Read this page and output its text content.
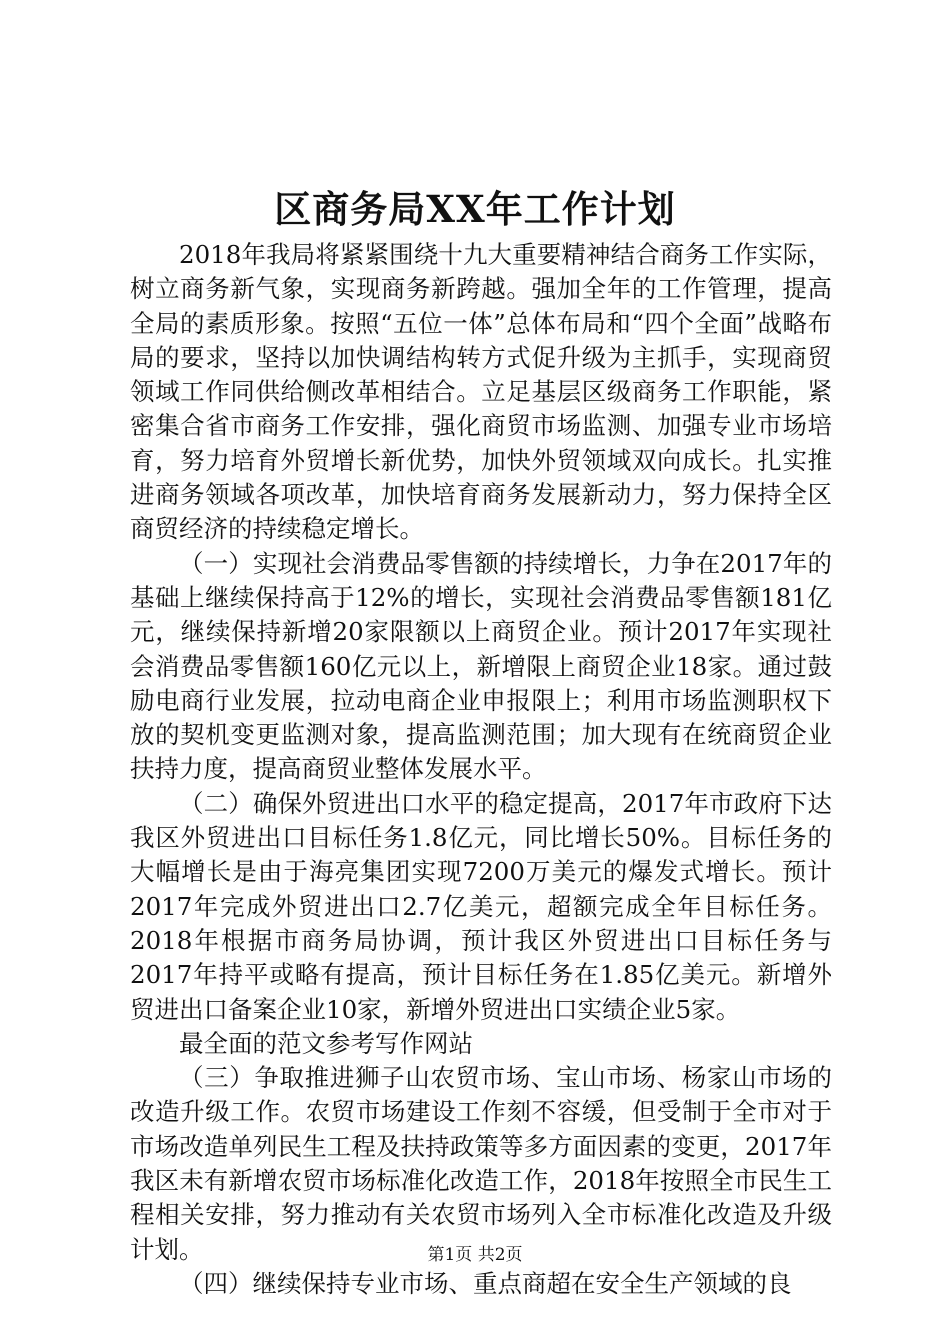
区商务局XX年工作计划

2018年我局将紧紧围绕十九大重要精神结合商务工作实际，树立商务新气象，实现商务新跨越。强加全年的工作管理，提高全局的素质形象。按照“五位一体”总体布局和“四个全面”战略布局的要求，坚持以加快调结构转方式促升级为主抓手，实现商贸领域工作同供给侧改革相结合。立足基层区级商务工作职能，紧密集合省市商务工作安排，强化商贸市场监测、加强专业市场培育，努力培育外贸增长新优势，加快外贸领域双向成长。扎实推进商务领域各项改革，加快培育商务发展新动力，努力保持全区商贸经济的持续稳定增长。

（一）实现社会消费品零售额的持续增长，力争在2017年的基础上继续保持高于12%的增长，实现社会消费品零售额181亿元，继续保持新增20家限额以上商贸企业。预计2017年实现社会消费品零售额160亿元以上，新增限上商贸企业18家。通过鼓励电商行业发展，拉动电商企业申报限上；利用市场监测职权下放的契机变更监测对象，提高监测范围；加大现有在统商贸企业扶持力度，提高商贸业整体发展水平。

（二）确保外贸进出口水平的稳定提高，2017年市政府下达我区外贸进出口目标任务1.8亿元，同比增长50%。目标任务的大幅增长是由于海亮集团实现7200万美元的爆发式增长。预计2017年完成外贸进出口2.7亿美元，超额完成全年目标任务。2018年根据市商务局协调，预计我区外贸进出口目标任务与2017年持平或略有提高，预计目标任务在1.85亿美元。新增外贸进出口备案企业10家，新增外贸进出口实绩企业5家。

最全面的范文参考写作网站

（三）争取推进狮子山农贸市场、宝山市场、杨家山市场的改造升级工作。农贸市场建设工作刻不容缓，但受制于全市对于市场改造单列民生工程及扶持政策等多方面因素的变更，2017年我区未有新增农贸市场标准化改造工作，2018年按照全市民生工程相关安排，努力推动有关农贸市场列入全市标准化改造及升级计划。

（四）继续保持专业市场、重点商超在安全生产领域的良

第1页 共2页
